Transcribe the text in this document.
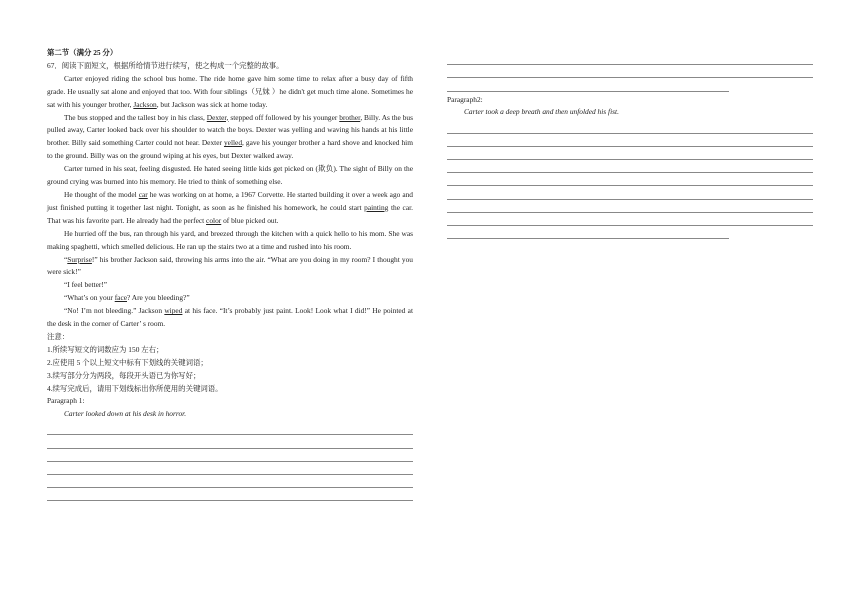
第二节（满分 25 分）

67．阅读下面短文，根据所给情节进行续写，使之构成一个完整的故事。

Carter enjoyed riding the school bus home. The ride home gave him some time to relax after a busy day of fifth grade. He usually sat alone and enjoyed that too. With four siblings（兄妹 ）he didn't get much time alone. Sometimes he sat with his younger brother, Jackson, but Jackson was sick at home today.

The bus stopped and the tallest boy in his class, Dexter, stepped off followed by his younger brother, Billy. As the bus pulled away, Carter looked back over his shoulder to watch the boys. Dexter was yelling and waving his hands at his little brother. Billy said something Carter could not hear. Dexter yelled, gave his younger brother a hard shove and knocked him to the ground. Billy was on the ground wiping at his eyes, but Dexter walked away.

Carter turned in his seat, feeling disgusted. He hated seeing little kids get picked on (欺负). The sight of Billy on the ground crying was burned into his memory. He tried to think of something else.

He thought of the model car he was working on at home, a 1967 Corvette. He started building it over a week ago and just finished putting it together last night. Tonight, as soon as he finished his homework, he could start painting the car. That was his favorite part. He already had the perfect color of blue picked out.

He hurried off the bus, ran through his yard, and breezed through the kitchen with a quick hello to his mom. She was making spaghetti, which smelled delicious. He ran up the stairs two at a time and rushed into his room.

“Surprise!” his brother Jackson said, throwing his arms into the air. “What are you doing in my room? I thought you were sick!”

“I feel better!”

“What’s on your face? Are you bleeding?”

“No! I’m not bleeding.” Jackson wiped at his face. “It’s probably just paint. Look! Look what I did!” He pointed at the desk in the corner of Carter’ s room.

注意：

1.所续写短文的词数应为 150 左右；

2.应使用 5 个以上短文中标有下划线的关键词语；

3.续写部分分为两段，每段开头语已为你写好；

4.续写完成后，请用下划线标出你所使用的关键词语。

Paragraph 1:

Carter looked down at his desk in horror.

Paragraph2:

Carter took a deep breath and then unfolded his fist.
